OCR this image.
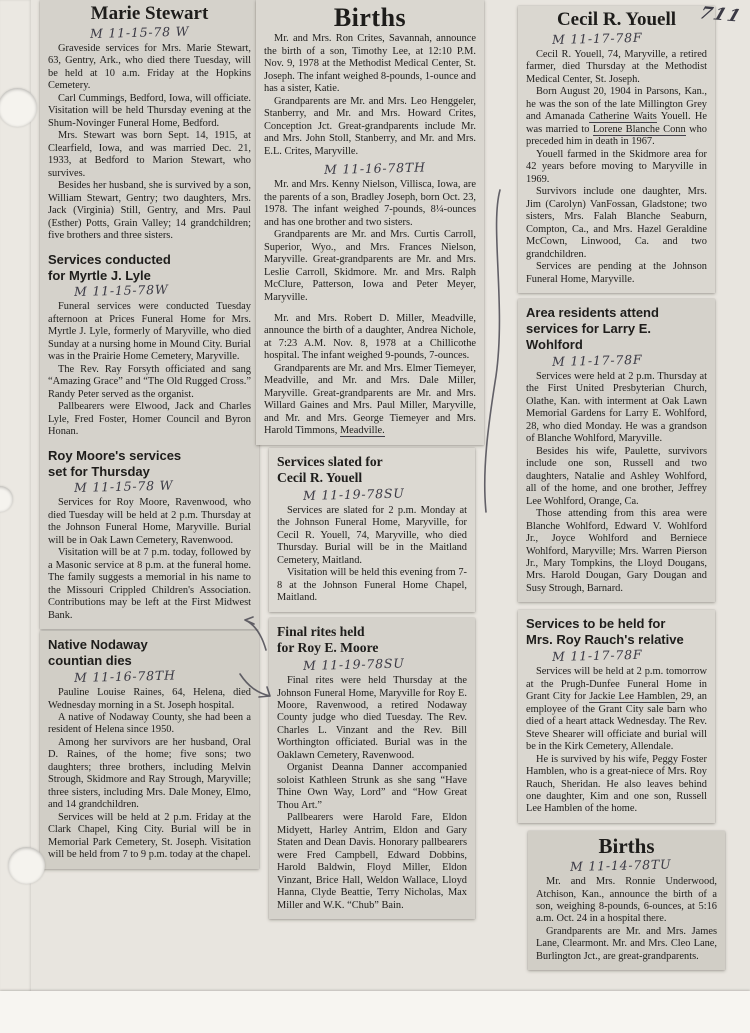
711
Marie Stewart
M 11-15-78 W

Graveside services for Mrs. Marie Stewart, 63, Gentry, Ark., who died there Tuesday, will be held at 10 a.m. Friday at the Hopkins Cemetery.

Carl Cummings, Bedford, Iowa, will officiate. Visitation will be held Thursday evening at the Shum-Novinger Funeral Home, Bedford.

Mrs. Stewart was born Sept. 14, 1915, at Clearfield, Iowa, and was married Dec. 21, 1933, at Bedford to Marion Stewart, who survives.

Besides her husband, she is survived by a son, William Stewart, Gentry; two daughters, Mrs. Jack (Virginia) Still, Gentry, and Mrs. Paul (Esther) Potts, Grain Valley; 14 grandchildren; five brothers and three sisters.

Services conducted
for Myrtle J. Lyle
M 11-15-78W

Funeral services were conducted Tuesday afternoon at Prices Funeral Home for Mrs. Myrtle J. Lyle, formerly of Maryville, who died Sunday at a nursing home in Mound City. Burial was in the Prairie Home Cemetery, Maryville.

The Rev. Ray Forsyth officiated and sang “Amazing Grace” and “The Old Rugged Cross.” Randy Peter served as the organist.

Pallbearers were Elwood, Jack and Charles Lyle, Fred Foster, Homer Council and Byron Honan.

Roy Moore's services
set for Thursday
M 11-15-78 W

Services for Roy Moore, Ravenwood, who died Tuesday will be held at 2 p.m. Thursday at the Johnson Funeral Home, Maryville. Burial will be in Oak Lawn Cemetery, Ravenwood.

Visitation will be at 7 p.m. today, followed by a Masonic service at 8 p.m. at the funeral home. The family suggests a memorial in his name to the Missouri Crippled Children's Association. Contributions may be left at the First Midwest Bank.

Native Nodaway
countian dies
M 11-16-78TH

Pauline Louise Raines, 64, Helena, died Wednesday morning in a St. Joseph hospital.

A native of Nodaway County, she had been a resident of Helena since 1950.

Among her survivors are her husband, Oral D. Raines, of the home; five sons; two daughters; three brothers, including Melvin Strough, Skidmore and Ray Strough, Maryville; three sisters, including Mrs. Dale Money, Elmo, and 14 grandchildren.

Services will be held at 2 p.m. Friday at the Clark Chapel, King City. Burial will be in Memorial Park Cemetery, St. Joseph. Visitation will be held from 7 to 9 p.m. today at the chapel.

Births

Mr. and Mrs. Ron Crites, Savannah, announce the birth of a son, Timothy Lee, at 12:10 P.M. Nov. 9, 1978 at the Methodist Medical Center, St. Joseph. The infant weighed 8-pounds, 1-ounce and has a sister, Katie.

Grandparents are Mr. and Mrs. Leo Henggeler, Stanberry, and Mr. and Mrs. Howard Crites, Conception Jct. Great-grandparents include Mr. and Mrs. John Stoll, Stanberry, and Mr. and Mrs. E.L. Crites, Maryville.

M 11-16-78TH

Mr. and Mrs. Kenny Nielson, Villisca, Iowa, are the parents of a son, Bradley Joseph, born Oct. 23, 1978. The infant weighed 7-pounds, 8¼-ounces and has one brother and two sisters.

Grandparents are Mr. and Mrs. Curtis Carroll, Superior, Wyo., and Mrs. Frances Nielson, Maryville. Great-grandparents are Mr. and Mrs. Leslie Carroll, Skidmore. Mr. and Mrs. Ralph McClure, Patterson, Iowa and Peter Meyer, Maryville.

Mr. and Mrs. Robert D. Miller, Meadville, announce the birth of a daughter, Andrea Nichole, at 7:23 A.M. Nov. 8, 1978 at a Chillicothe hospital. The infant weighed 9-pounds, 7-ounces.

Grandparents are Mr. and Mrs. Elmer Tiemeyer, Meadville, and Mr. and Mrs. Dale Miller, Maryville. Great-grandparents are Mr. and Mrs. Willard Gaines and Mrs. Paul Miller, Maryville, and Mr. and Mrs. George Tiemeyer and Mrs. Harold Timmons, Meadville.

Services slated for
Cecil R. Youell
M 11-19-78SU

Services are slated for 2 p.m. Monday at the Johnson Funeral Home, Maryville, for Cecil R. Youell, 74, Maryville, who died Thursday. Burial will be in the Maitland Cemetery, Maitland.

Visitation will be held this evening from 7-8 at the Johnson Funeral Home Chapel, Maitland.

Final rites held
for Roy E. Moore
M 11-19-78SU

Final rites were held Thursday at the Johnson Funeral Home, Maryville for Roy E. Moore, Ravenwood, a retired Nodaway County judge who died Tuesday. The Rev. Charles L. Vinzant and the Rev. Bill Worthington officiated. Burial was in the Oaklawn Cemetery, Ravenwood.

Organist Deanna Danner accompanied soloist Kathleen Strunk as she sang “Have Thine Own Way, Lord” and “How Great Thou Art.”

Pallbearers were Harold Fare, Eldon Midyett, Harley Antrim, Eldon and Gary Staten and Dean Davis. Honorary pallbearers were Fred Campbell, Edward Dobbins, Harold Baldwin, Floyd Miller, Eldon Vinzant, Brice Hall, Weldon Wallace, Lloyd Hanna, Clyde Beattie, Terry Nicholas, Max Miller and W.K. “Chub” Bain.

Cecil R. Youell
M 11-17-78F

Cecil R. Youell, 74, Maryville, a retired farmer, died Thursday at the Methodist Medical Center, St. Joseph.

Born August 20, 1904 in Parsons, Kan., he was the son of the late Millington Grey and Amanada Catherine Waits Youell. He was married to Lorene Blanche Conn who preceded him in death in 1967.

Youell farmed in the Skidmore area for 42 years before moving to Maryville in 1969.

Survivors include one daughter, Mrs. Jim (Carolyn) VanFossan, Gladstone; two sisters, Mrs. Falah Blanche Seaburn, Compton, Ca., and Mrs. Hazel Geraldine McCown, Linwood, Ca. and two grandchildren.

Services are pending at the Johnson Funeral Home, Maryville.

Area residents attend
services for Larry E. Wohlford
M 11-17-78F

Services were held at 2 p.m. Thursday at the First United Presbyterian Church, Olathe, Kan. with interment at Oak Lawn Memorial Gardens for Larry E. Wohlford, 28, who died Monday. He was a grandson of Blanche Wohlford, Maryville.

Besides his wife, Paulette, survivors include one son, Russell and two daughters, Natalie and Ashley Wohlford, all of the home, and one brother, Jeffrey Lee Wohlford, Orange, Ca.

Those attending from this area were Blanche Wohlford, Edward V. Wohlford Jr., Joyce Wohlford and Berniece Wohlford, Maryville; Mrs. Warren Pierson Jr., Mary Tompkins, the Lloyd Dougans, Mrs. Harold Dougan, Gary Dougan and Susy Strough, Barnard.

Services to be held for
Mrs. Roy Rauch's relative
M 11-17-78F

Services will be held at 2 p.m. tomorrow at the Prugh-Dunfee Funeral Home in Grant City for Jackie Lee Hamblen, 29, an employee of the Grant City sale barn who died of a heart attack Wednesday. The Rev. Steve Shearer will officiate and burial will be in the Kirk Cemetery, Allendale.

He is survived by his wife, Peggy Foster Hamblen, who is a great-niece of Mrs. Roy Rauch, Sheridan. He also leaves behind one daughter, Kim and one son, Russell Lee Hamblen of the home.

Births
M 11-14-78TU

Mr. and Mrs. Ronnie Underwood, Atchison, Kan., announce the birth of a son, weighing 8-pounds, 6-ounces, at 5:16 a.m. Oct. 24 in a hospital there.

Grandparents are Mr. and Mrs. James Lane, Clearmont. Mr. and Mrs. Cleo Lane, Burlington Jct., are great-grandparents.
